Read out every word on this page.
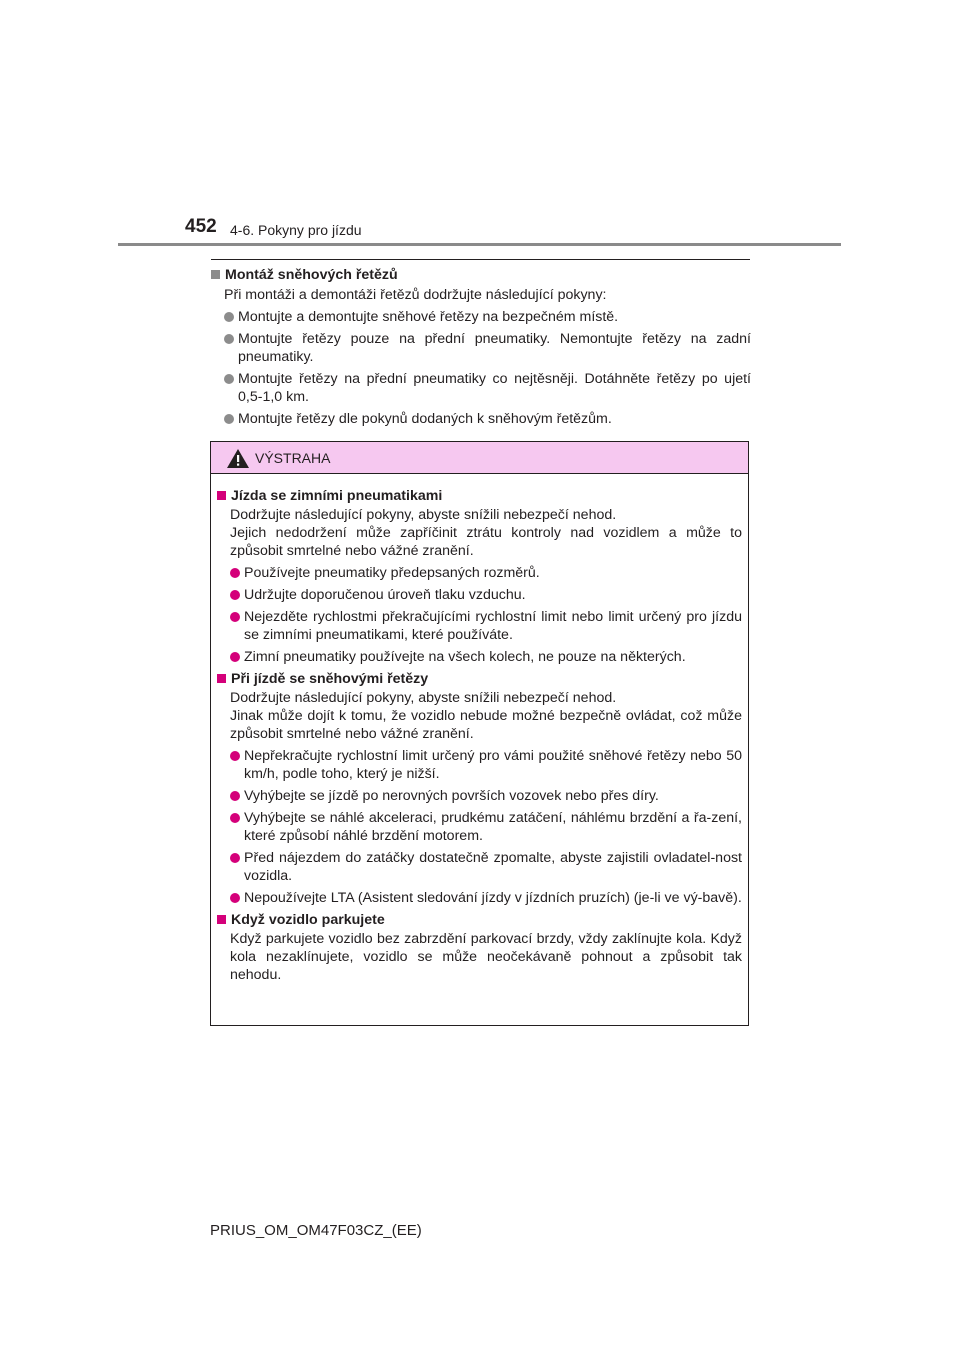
452 4-6. Pokyny pro jízdu
Montáž sněhových řetězů
Při montáži a demontáži řetězů dodržujte následující pokyny:
Montujte a demontujte sněhové řetězy na bezpečném místě.
Montujte řetězy pouze na přední pneumatiky. Nemontujte řetězy na zadní pneumatiky.
Montujte řetězy na přední pneumatiky co nejtěsněji. Dotáhněte řetězy po ujetí 0,5-1,0 km.
Montujte řetězy dle pokynů dodaných k sněhovým řetězům.
VÝSTRAHA
Jízda se zimními pneumatikami
Dodržujte následující pokyny, abyste snížili nebezpečí nehod.
Jejich nedodržení může zapříčinit ztrátu kontroly nad vozidlem a může to způsobit smrtelné nebo vážné zranění.
Používejte pneumatiky předepsaných rozměrů.
Udržujte doporučenou úroveň tlaku vzduchu.
Nejezděte rychlostmi překračujícími rychlostní limit nebo limit určený pro jízdu se zimními pneumatikami, které používáte.
Zimní pneumatiky používejte na všech kolech, ne pouze na některých.
Při jízdě se sněhovými řetězy
Dodržujte následující pokyny, abyste snížili nebezpečí nehod.
Jinak může dojít k tomu, že vozidlo nebude možné bezpečně ovládat, což může způsobit smrtelné nebo vážné zranění.
Nepřekračujte rychlostní limit určený pro vámi použité sněhové řetězy nebo 50 km/h, podle toho, který je nižší.
Vyhýbejte se jízdě po nerovných površích vozovek nebo přes díry.
Vyhýbejte se náhlé akceleraci, prudkému zatáčení, náhlému brzdění a řa-zení, které způsobí náhlé brzdění motorem.
Před nájezdem do zatáčky dostatečně zpomalte, abyste zajistili ovladatel-nost vozidla.
Nepoužívejte LTA (Asistent sledování jízdy v jízdních pruzích) (je-li ve vý-bavě).
Když vozidlo parkujete
Když parkujete vozidlo bez zabrzdění parkovací brzdy, vždy zaklínujte kola. Když kola nezaklínujete, vozidlo se může neočekávaně pohnout a způsobit tak nehodu.
PRIUS_OM_OM47F03CZ_(EE)
